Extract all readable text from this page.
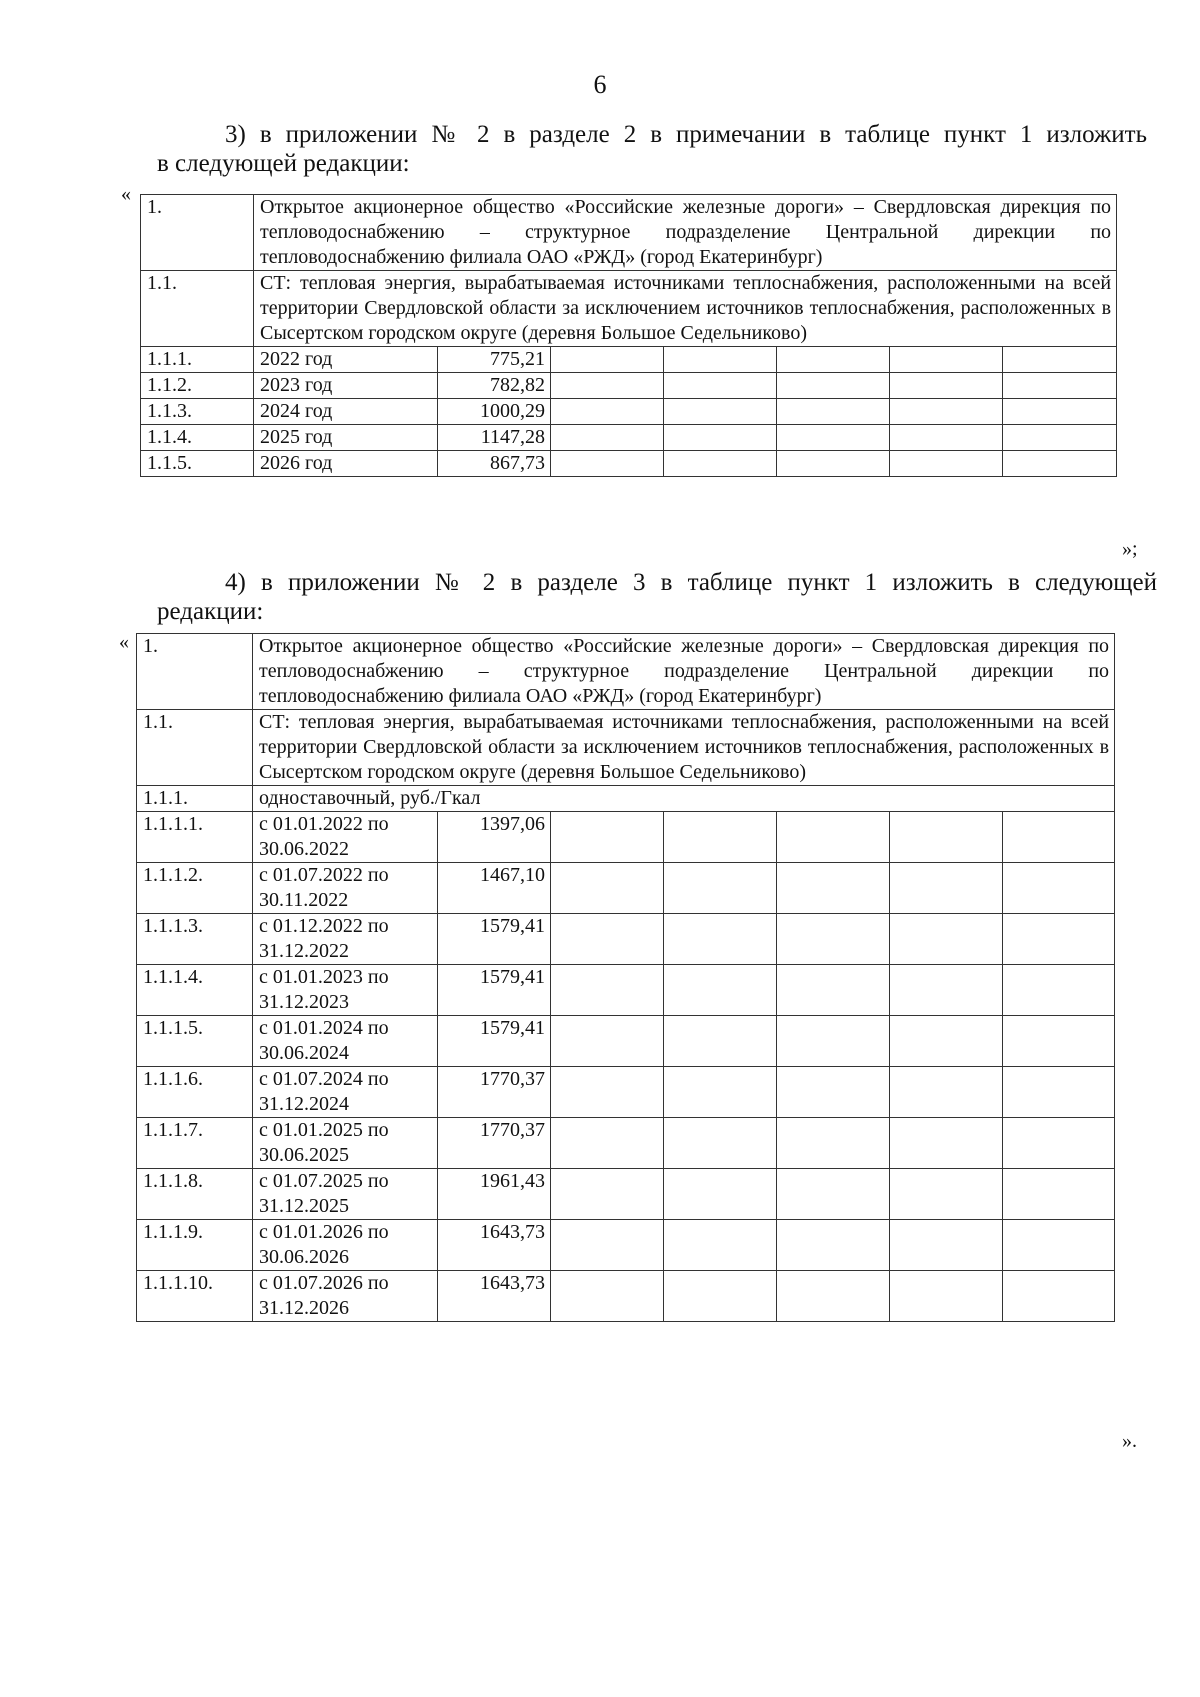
6
3) в приложении № 2 в разделе 2 в примечании в таблице пункт 1 изложить
в следующей редакции:
«
1.	Открытое акционерное общество «Российские железные дороги» – Свердловская дирекция по тепловодоснабжению – структурное подразделение Центральной дирекции по тепловодоснабжению филиала ОАО «РЖД» (город Екатеринбург)						
1.1.	СТ: тепловая энергия, вырабатываемая источниками теплоснабжения, расположенными на всей территории Свердловской области за исключением источников теплоснабжения, расположенных в Сысертском городском округе (деревня Большое Седельниково)						
1.1.1.	2022 год	775,21					
1.1.2.	2023 год	782,82					
1.1.3.	2024 год	1000,29					
1.1.4.	2025 год	1147,28					
1.1.5.	2026 год	867,73					
»;
4) в приложении № 2 в разделе 3 в таблице пункт 1 изложить в следующей
редакции:
« 1.	Открытое акционерное общество «Российские железные дороги» – Свердловская дирекция по тепловодоснабжению – структурное подразделение Центральной дирекции по тепловодоснабжению филиала ОАО «РЖД» (город Екатеринбург)						
1.1.	СТ: тепловая энергия, вырабатываемая источниками теплоснабжения, расположенными на всей территории Свердловской области за исключением источников теплоснабжения, расположенных в Сысертском городском округе (деревня Большое Седельниково)						
1.1.1.	одноставочный, руб./Гкал						
1.1.1.1.	с 01.01.2022 по 30.06.2022	1397,06					
1.1.1.2.	с 01.07.2022 по 30.11.2022	1467,10					
1.1.1.3.	с 01.12.2022 по 31.12.2022	1579,41					
1.1.1.4.	с 01.01.2023 по 31.12.2023	1579,41					
1.1.1.5.	с 01.01.2024 по 30.06.2024	1579,41					
1.1.1.6.	с 01.07.2024 по 31.12.2024	1770,37					
1.1.1.7.	с 01.01.2025 по 30.06.2025	1770,37					
1.1.1.8.	с 01.07.2025 по 31.12.2025	1961,43					
1.1.1.9.	с 01.01.2026 по 30.06.2026	1643,73					
1.1.1.10.	с 01.07.2026 по 31.12.2026	1643,73					
».
